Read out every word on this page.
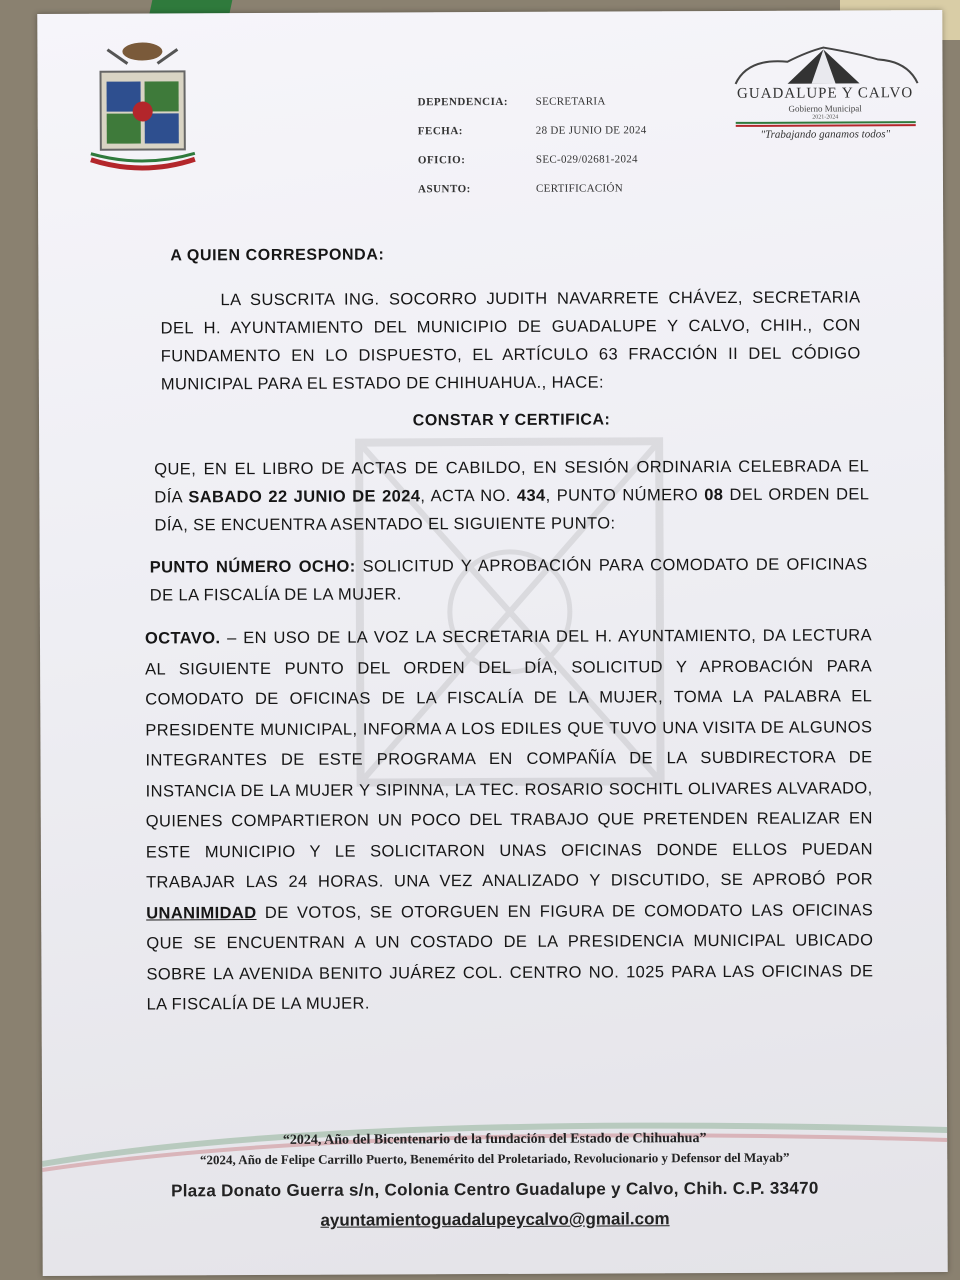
GUADALUPE Y CALVO
Gobierno Municipal
2021-2024
"Trabajando ganamos todos"
DEPENDENCIA:	SECRETARIA
FECHA:	28 DE JUNIO DE 2024
OFICIO:	SEC-029/02681-2024
ASUNTO:	CERTIFICACIÓN
A QUIEN CORRESPONDA:
LA SUSCRITA ING. SOCORRO JUDITH NAVARRETE CHÁVEZ, SECRETARIA DEL H. AYUNTAMIENTO DEL MUNICIPIO DE GUADALUPE Y CALVO, CHIH., CON FUNDAMENTO EN LO DISPUESTO, EL ARTÍCULO 63 FRACCIÓN II DEL CÓDIGO MUNICIPAL PARA EL ESTADO DE CHIHUAHUA., HACE:
CONSTAR Y CERTIFICA:
QUE, EN EL LIBRO DE ACTAS DE CABILDO, EN SESIÓN ORDINARIA CELEBRADA EL DÍA SABADO 22 JUNIO DE 2024, ACTA NO. 434, PUNTO NÚMERO 08 DEL ORDEN DEL DÍA, SE ENCUENTRA ASENTADO EL SIGUIENTE PUNTO:
PUNTO NÚMERO OCHO: SOLICITUD Y APROBACIÓN PARA COMODATO DE OFICINAS DE LA FISCALÍA DE LA MUJER.
OCTAVO. – EN USO DE LA VOZ LA SECRETARIA DEL H. AYUNTAMIENTO, DA LECTURA AL SIGUIENTE PUNTO DEL ORDEN DEL DÍA, SOLICITUD Y APROBACIÓN PARA COMODATO DE OFICINAS DE LA FISCALÍA DE LA MUJER, TOMA LA PALABRA EL PRESIDENTE MUNICIPAL, INFORMA A LOS EDILES QUE TUVO UNA VISITA DE ALGUNOS INTEGRANTES DE ESTE PROGRAMA EN COMPAÑÍA DE LA SUBDIRECTORA DE INSTANCIA DE LA MUJER Y SIPINNA, LA TEC. ROSARIO SOCHITL OLIVARES ALVARADO, QUIENES COMPARTIERON UN POCO DEL TRABAJO QUE PRETENDEN REALIZAR EN ESTE MUNICIPIO Y LE SOLICITARON UNAS OFICINAS DONDE ELLOS PUEDAN TRABAJAR LAS 24 HORAS. UNA VEZ ANALIZADO Y DISCUTIDO, SE APROBÓ POR UNANIMIDAD DE VOTOS, SE OTORGUEN EN FIGURA DE COMODATO LAS OFICINAS QUE SE ENCUENTRAN A UN COSTADO DE LA PRESIDENCIA MUNICIPAL UBICADO SOBRE LA AVENIDA BENITO JUÁREZ COL. CENTRO NO. 1025 PARA LAS OFICINAS DE LA FISCALÍA DE LA MUJER.
“2024, Año del Bicentenario de la fundación del Estado de Chihuahua”
“2024, Año de Felipe Carrillo Puerto, Benemérito del Proletariado, Revolucionario y Defensor del Mayab”
Plaza Donato Guerra s/n, Colonia Centro Guadalupe y Calvo, Chih. C.P. 33470
ayuntamientoguadalupeycalvo@gmail.com
